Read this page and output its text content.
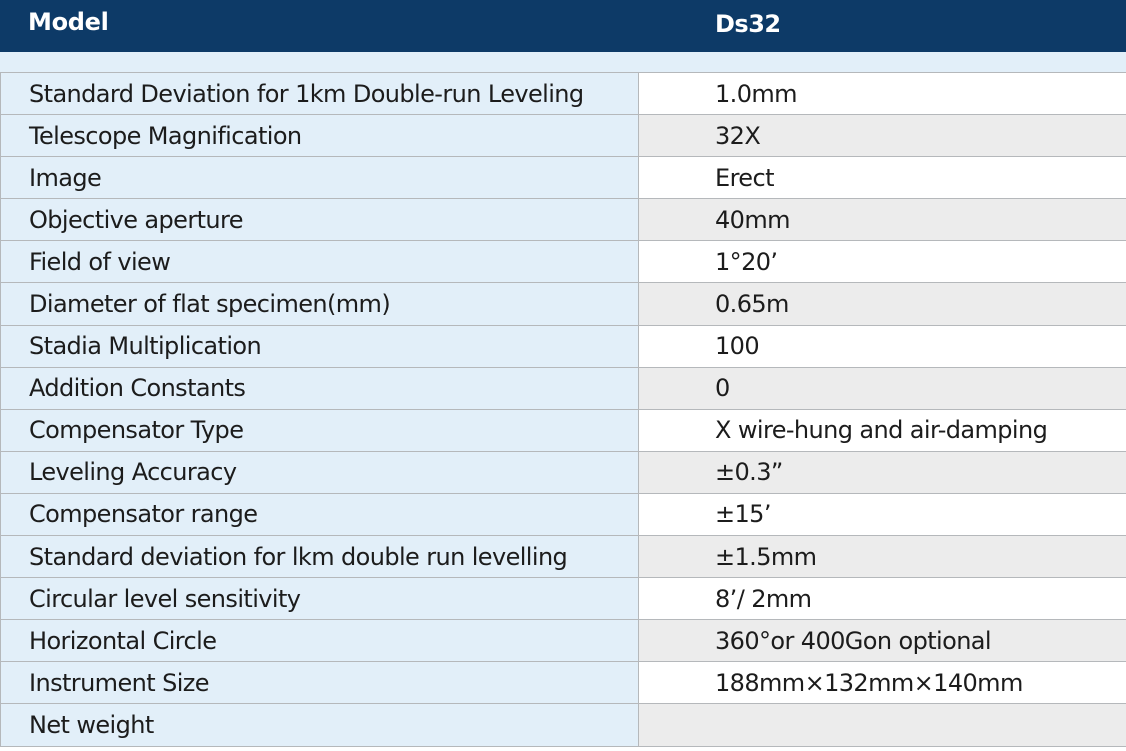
Model	Ds32
Standard Deviation for 1km Double-run Leveling	1.0mm
Telescope Magnification	32X
Image	Erect
Objective aperture	40mm
Field of view	1°20’
Diameter of flat specimen(mm)	0.65m
Stadia Multiplication	100
Addition Constants	0
Compensator Type	X wire-hung and air-damping
Leveling Accuracy	±0.3”
Compensator range	±15’
Standard deviation for lkm double run levelling	±1.5mm
Circular level sensitivity	8’/ 2mm
Horizontal Circle	360°or 400Gon optional
Instrument Size	188mm×132mm×140mm
Net weight	
